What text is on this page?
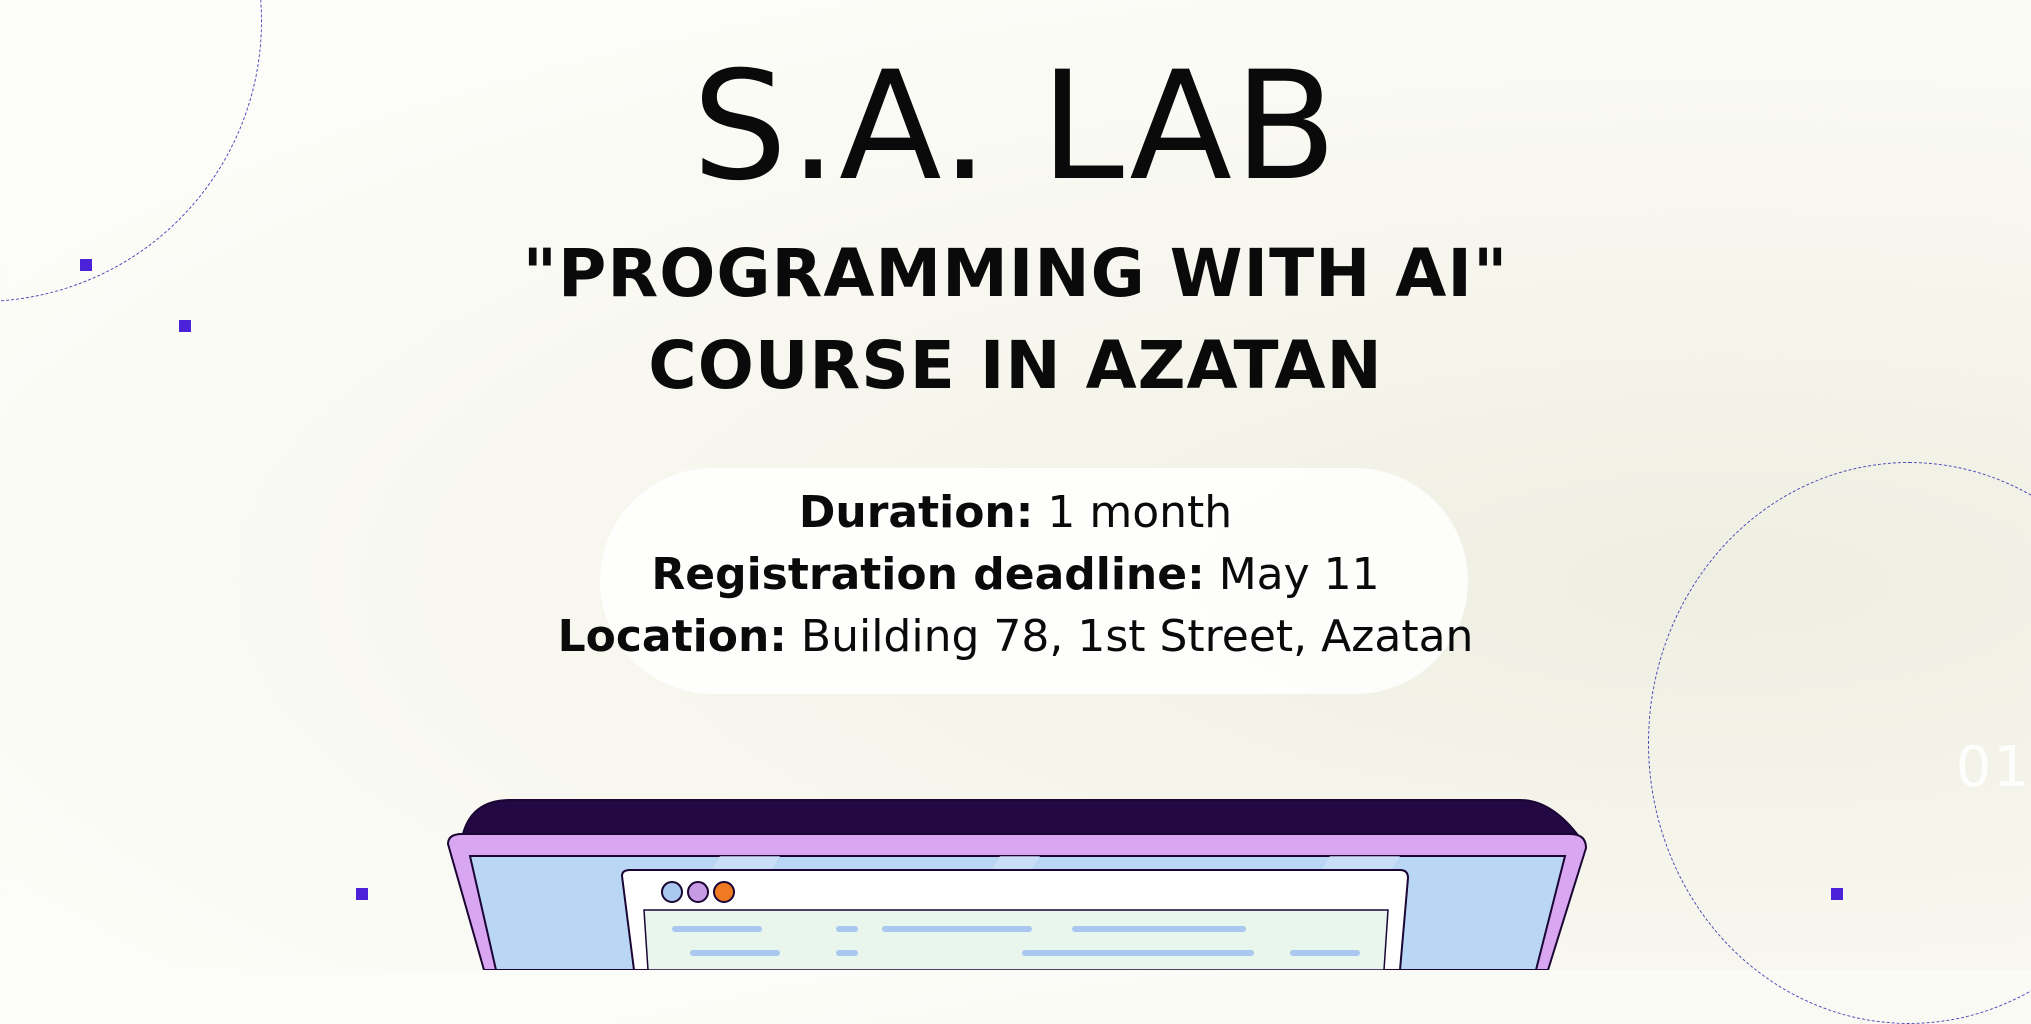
01
S.A. LAB
"PROGRAMMING WITH AI"
COURSE IN AZATAN
Duration: 1 month
Registration deadline: May 11
Location: Building 78, 1st Street, Azatan
